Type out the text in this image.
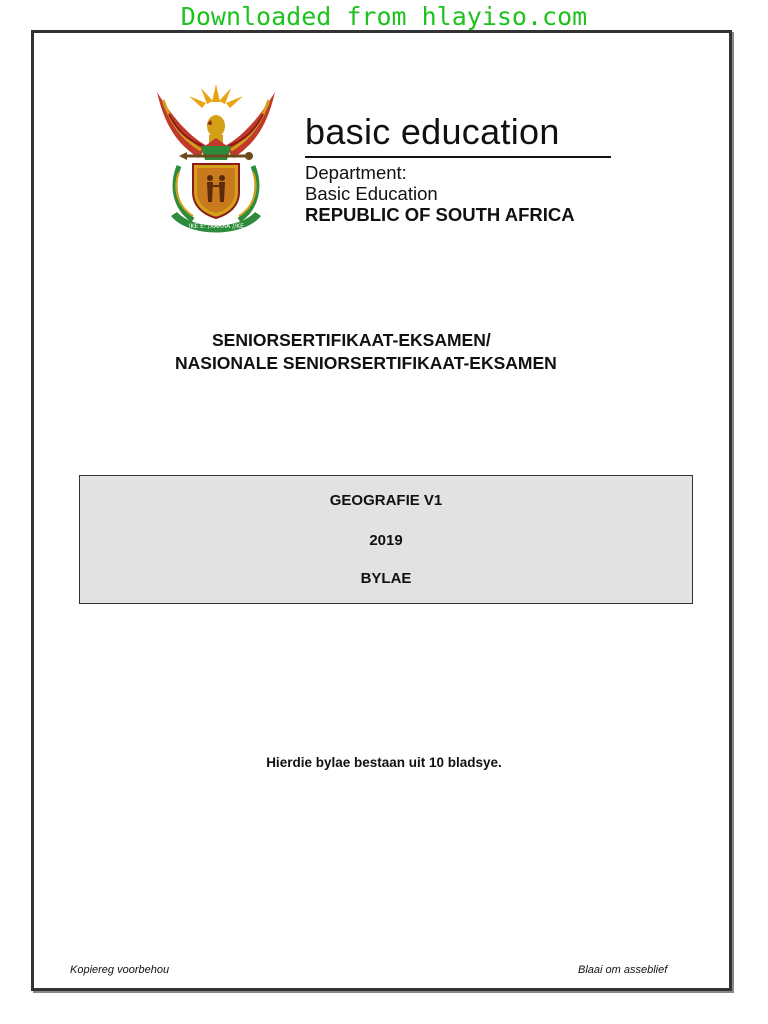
Downloaded from hlayiso.com
!KE E: /XARRA //KE
basic education
Department:
Basic Education
REPUBLIC OF SOUTH AFRICA
SENIORSERTIFIKAAT-EKSAMEN/
NASIONALE SENIORSERTIFIKAAT-EKSAMEN
GEOGRAFIE V1
2019
BYLAE
Hierdie bylae bestaan uit 10 bladsye.
Kopiereg voorbehou	Blaai om asseblief
